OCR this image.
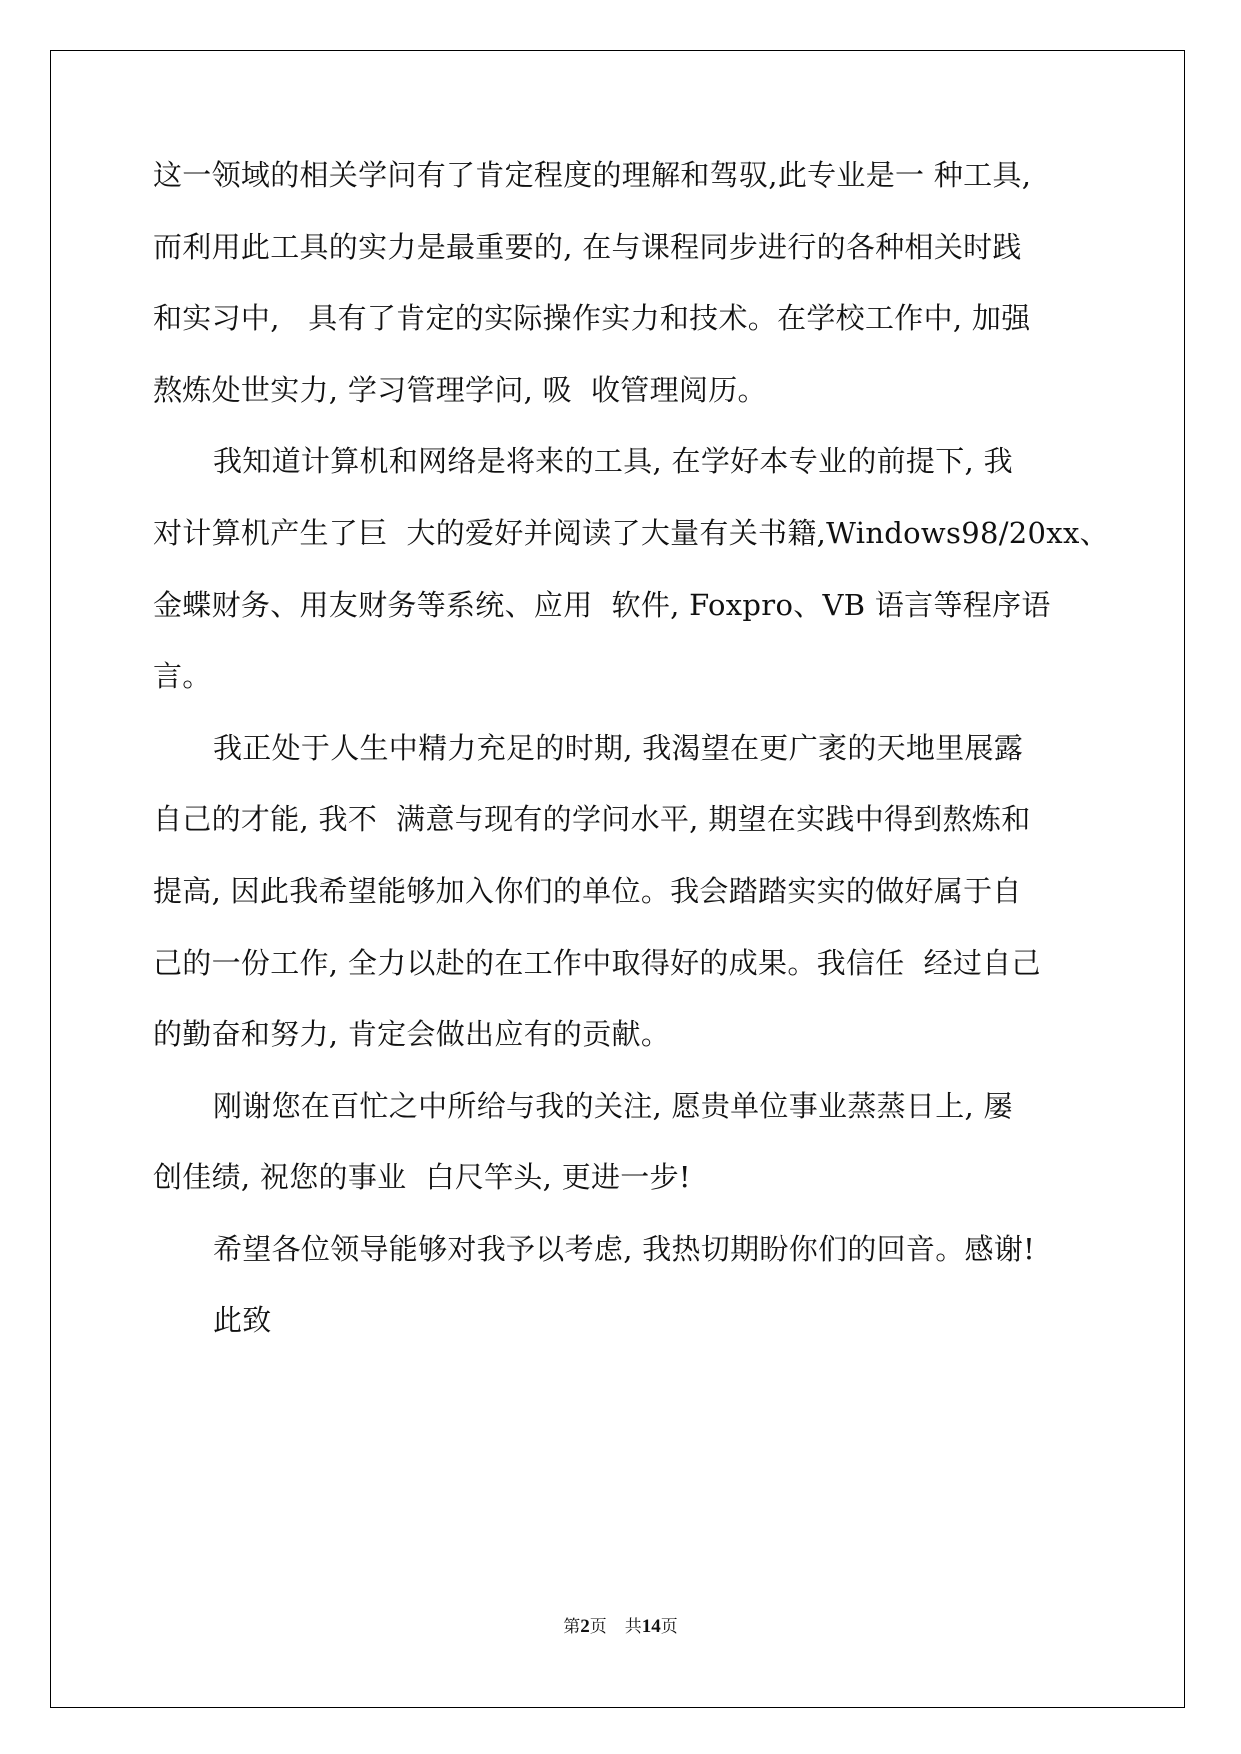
这一领域的相关学问有了肯定程度的理解和驾驭,此专业是一 种工具,

而利用此工具的实力是最重要的, 在与课程同步进行的各种相关时践

和实习中,   具有了肯定的实际操作实力和技术。在学校工作中, 加强

熬炼处世实力, 学习管理学问, 吸  收管理阅历。

我知道计算机和网络是将来的工具, 在学好本专业的前提下, 我

对计算机产生了巨  大的爱好并阅读了大量有关书籍,Windows98/20xx、

金蝶财务、用友财务等系统、应用  软件, Foxpro、VB 语言等程序语

言。

我正处于人生中精力充足的时期, 我渴望在更广袤的天地里展露

自己的才能, 我不  满意与现有的学问水平, 期望在实践中得到熬炼和

提高, 因此我希望能够加入你们的单位。我会踏踏实实的做好属于自

己的一份工作, 全力以赴的在工作中取得好的成果。我信任  经过自己

的勤奋和努力, 肯定会做出应有的贡献。

刚谢您在百忙之中所给与我的关注, 愿贵单位事业蒸蒸日上, 屡

创佳绩, 祝您的事业  白尺竿头, 更进一步!

希望各位领导能够对我予以考虑, 我热切期盼你们的回音。感谢!

此致

第2页 共14页
